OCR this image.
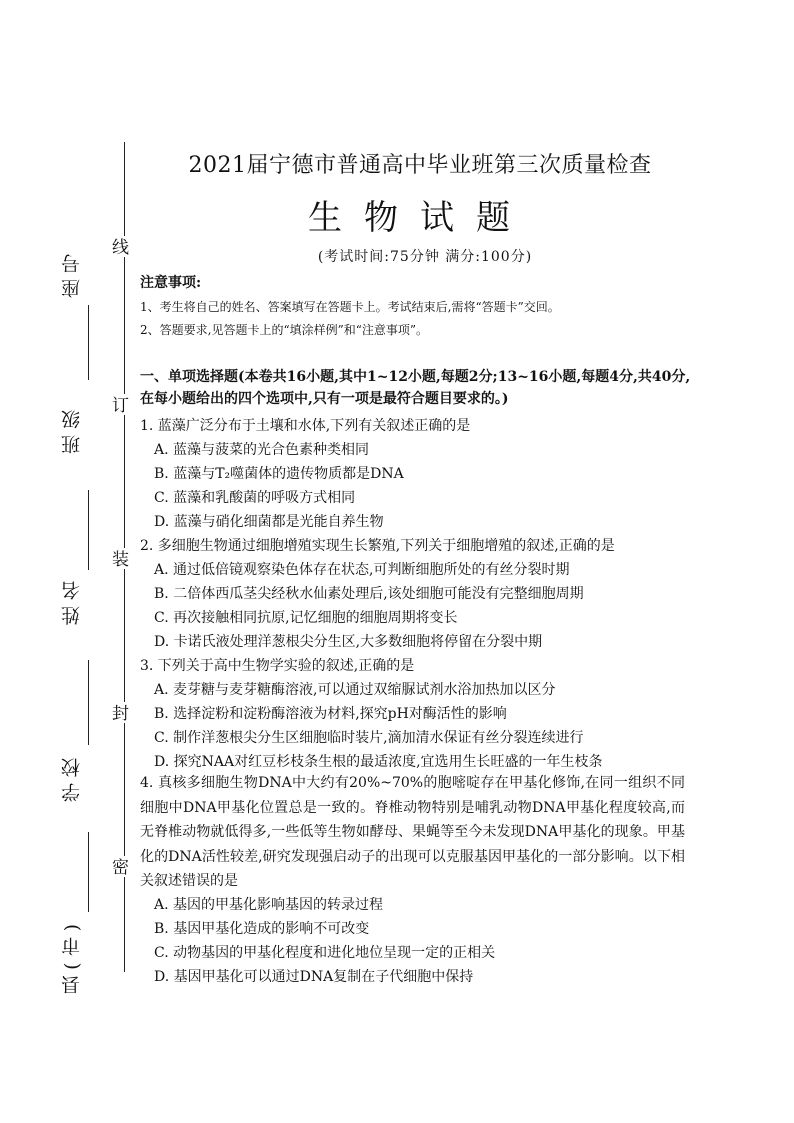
座号
班级
姓名
学校
县(市)
线
订
装
封
密
2021届宁德市普通高中毕业班第三次质量检查
生物试题
(考试时间:75分钟 满分:100分)
注意事项:
1、考生将自己的姓名、答案填写在答题卡上。考试结束后,需将“答题卡”交回。
2、答题要求,见答题卡上的“填涂样例”和“注意事项”。
一、单项选择题(本卷共16小题,其中1~12小题,每题2分;13~16小题,每题4分,共40分,在每小题给出的四个选项中,只有一项是最符合题目要求的。)
1. 蓝藻广泛分布于土壤和水体,下列有关叙述正确的是
A. 蓝藻与菠菜的光合色素种类相同
B. 蓝藻与T₂噬菌体的遗传物质都是DNA
C. 蓝藻和乳酸菌的呼吸方式相同
D. 蓝藻与硝化细菌都是光能自养生物
2. 多细胞生物通过细胞增殖实现生长繁殖,下列关于细胞增殖的叙述,正确的是
A. 通过低倍镜观察染色体存在状态,可判断细胞所处的有丝分裂时期
B. 二倍体西瓜茎尖经秋水仙素处理后,该处细胞可能没有完整细胞周期
C. 再次接触相同抗原,记忆细胞的细胞周期将变长
D. 卡诺氏液处理洋葱根尖分生区,大多数细胞将停留在分裂中期
3. 下列关于高中生物学实验的叙述,正确的是
A. 麦芽糖与麦芽糖酶溶液,可以通过双缩脲试剂水浴加热加以区分
B. 选择淀粉和淀粉酶溶液为材料,探究pH对酶活性的影响
C. 制作洋葱根尖分生区细胞临时装片,滴加清水保证有丝分裂连续进行
D. 探究NAA对红豆杉枝条生根的最适浓度,宜选用生长旺盛的一年生枝条
4. 真核多细胞生物DNA中大约有20%~70%的胞嘧啶存在甲基化修饰,在同一组织不同细胞中DNA甲基化位置总是一致的。脊椎动物特别是哺乳动物DNA甲基化程度较高,而无脊椎动物就低得多,一些低等生物如酵母、果蝇等至今未发现DNA甲基化的现象。甲基化的DNA活性较差,研究发现强启动子的出现可以克服基因甲基化的一部分影响。以下相关叙述错误的是
A. 基因的甲基化影响基因的转录过程
B. 基因甲基化造成的影响不可改变
C. 动物基因的甲基化程度和进化地位呈现一定的正相关
D. 基因甲基化可以通过DNA复制在子代细胞中保持
